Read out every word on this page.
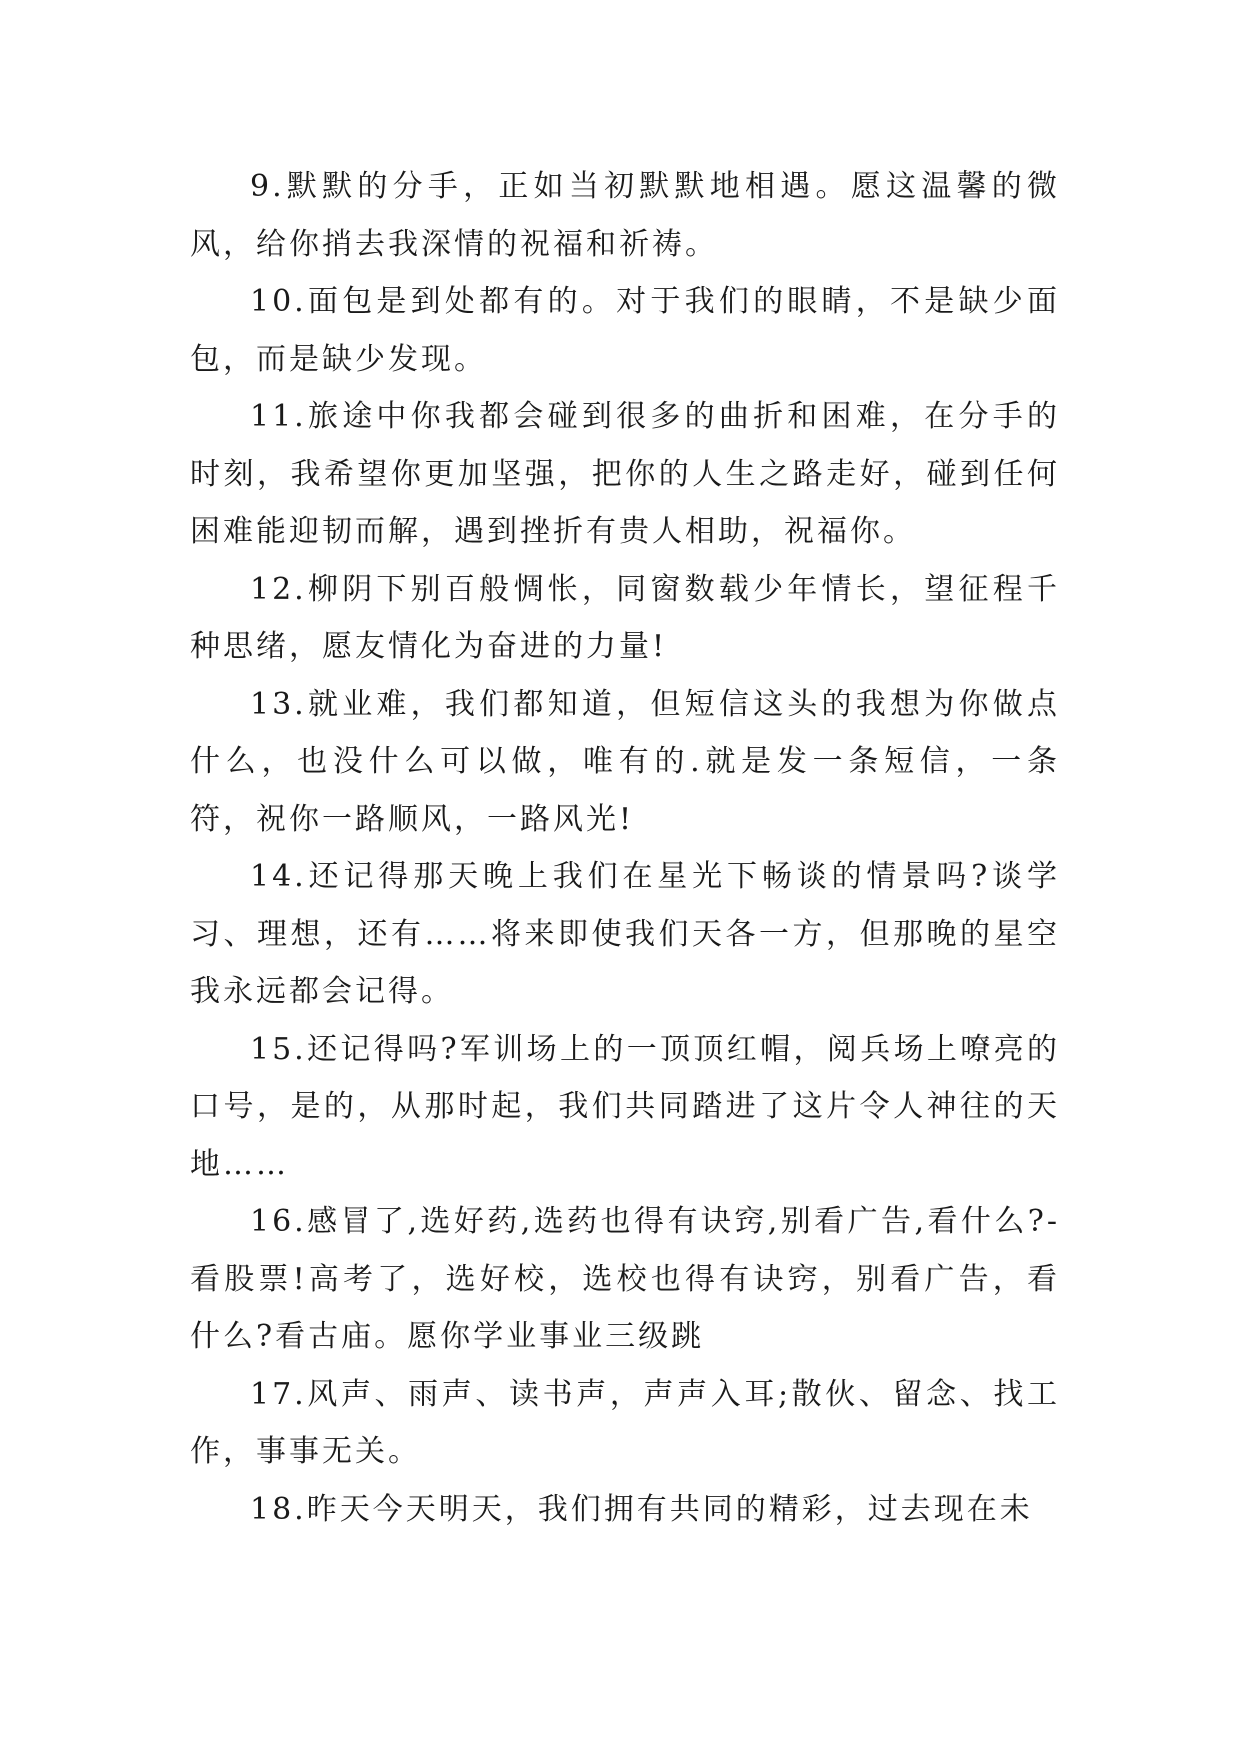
9.默默的分手，正如当初默默地相遇。愿这温馨的微风，给你捎去我深情的祝福和祈祷。

10.面包是到处都有的。对于我们的眼睛，不是缺少面包，而是缺少发现。

11.旅途中你我都会碰到很多的曲折和困难，在分手的时刻，我希望你更加坚强，把你的人生之路走好，碰到任何困难能迎韧而解，遇到挫折有贵人相助，祝福你。

12.柳阴下别百般惆怅，同窗数载少年情长，望征程千种思绪，愿友情化为奋进的力量!

13.就业难，我们都知道，但短信这头的我想为你做点什么，也没什么可以做，唯有的.就是发一条短信，一条符，祝你一路顺风，一路风光!

14.还记得那天晚上我们在星光下畅谈的情景吗?谈学习、理想，还有……将来即使我们天各一方，但那晚的星空我永远都会记得。

15.还记得吗?军训场上的一顶顶红帽，阅兵场上嘹亮的口号，是的，从那时起，我们共同踏进了这片令人神往的天地……

16.感冒了,选好药,选药也得有诀窍,别看广告,看什么?-看股票!高考了，选好校，选校也得有诀窍，别看广告，看什么?看古庙。愿你学业事业三级跳

17.风声、雨声、读书声，声声入耳;散伙、留念、找工作，事事无关。

18.昨天今天明天，我们拥有共同的精彩，过去现在未
